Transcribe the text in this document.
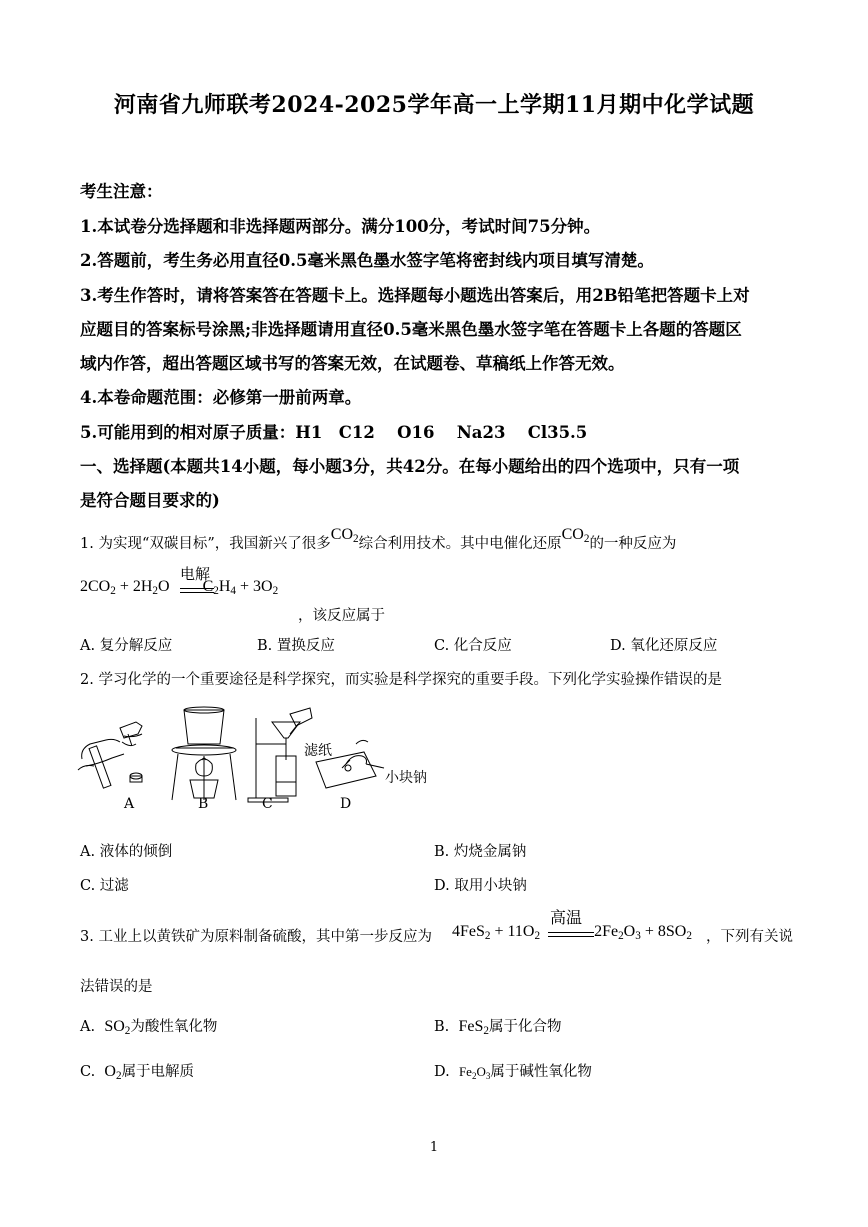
河南省九师联考2024-2025学年高一上学期11月期中化学试题
考生注意：
1.本试卷分选择题和非选择题两部分。满分100分，考试时间75分钟。
2.答题前，考生务必用直径0.5毫米黑色墨水签字笔将密封线内项目填写清楚。
3.考生作答时，请将答案答在答题卡上。选择题每小题选出答案后，用2B铅笔把答题卡上对
应题目的答案标号涂黑;非选择题请用直径0.5毫米黑色墨水签字笔在答题卡上各题的答题区
域内作答，超出答题区域书写的答案无效，在试题卷、草稿纸上作答无效。
4.本卷命题范围：必修第一册前两章。
5.可能用到的相对原子质量：H1　C12　 O16　 Na23　 Cl35.5
一、选择题(本题共14小题，每小题3分，共42分。在每小题给出的四个选项中，只有一项
是符合题目要求的)
1. 为实现“双碳目标”，我国新兴了很多$CO_2$综合利用技术。其中电催化还原$CO_2$的一种反应为
$2CO_2 + 2H_2O$ $C_2H_4 + 3O_2$
电解
，该反应属于
A. 复分解反应	B. 置换反应	C. 化合反应	D. 氧化还原反应
2. 学习化学的一个重要途径是科学探究，而实验是科学探究的重要手段。下列化学实验操作错误的是
滤纸
小块钠
A	B	C	D
A. 液体的倾倒	B. 灼烧金属钠
C. 过滤	D. 取用小块钠
3. 工业上以黄铁矿为原料制备硫酸，其中第一步反应为 $4FeS_2 + 11O_2$	$2Fe_2O_3 + 8SO_2$
高温
，下列有关说
法错误的是
A. $SO_2$为酸性氧化物	B. FeS$_2$属于化合物
C. $O_2$属于电解质	D. $Fe_2O_3$属于碱性氧化物
1
